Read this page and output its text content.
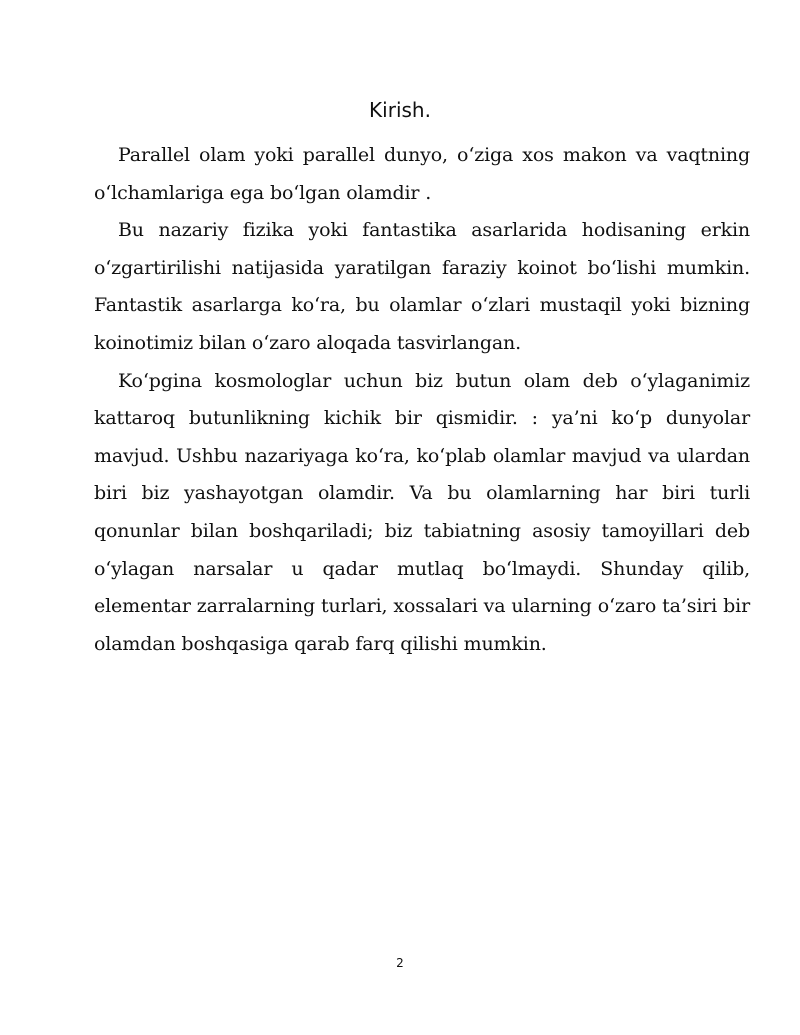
Kirish.

Parallel olam yoki parallel dunyo, o‘ziga xos makon va vaqtning o‘lchamlariga ega bo‘lgan olamdir .

Bu nazariy fizika yoki fantastika asarlarida hodisaning erkin o‘zgartirilishi natijasida yaratilgan faraziy koinot bo‘lishi mumkin. Fantastik asarlarga ko‘ra, bu olamlar o‘zlari mustaqil yoki bizning koinotimiz bilan o‘zaro aloqada tasvirlangan.

Ko‘pgina kosmologlar uchun biz butun olam deb o‘ylaganimiz kattaroq butunlikning kichik bir qismidir. : ya’ni ko‘p dunyolar mavjud. Ushbu nazariyaga ko‘ra, ko‘plab olamlar mavjud va ulardan biri biz yashayotgan olamdir. Va bu olamlarning har biri turli qonunlar bilan boshqariladi; biz tabiatning asosiy tamoyillari deb o‘ylagan narsalar u qadar mutlaq bo‘lmaydi. Shunday qilib, elementar zarralarning turlari, xossalari va ularning o‘zaro ta’siri bir olamdan boshqasiga qarab farq qilishi mumkin.

2
